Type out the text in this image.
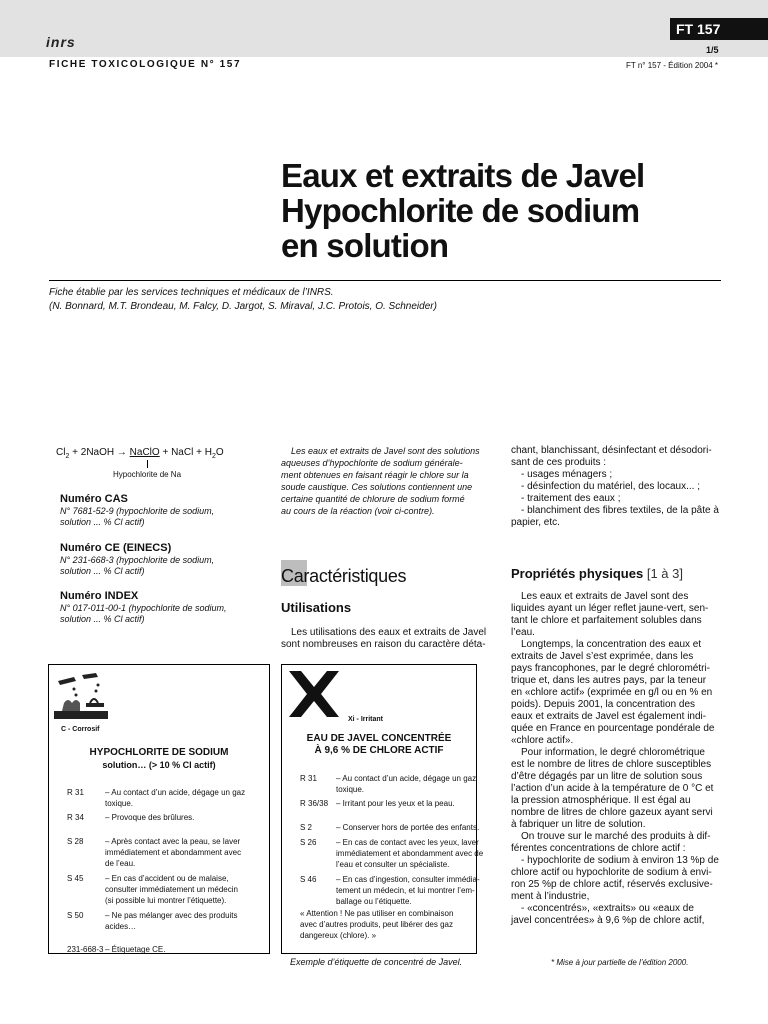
inrs
FT 157
1/5
FICHE TOXICOLOGIQUE N° 157	FT n° 157 - Édition 2004 *
Eaux et extraits de Javel
Hypochlorite de sodium
en solution
Fiche établie par les services techniques et médicaux de l’INRS.
(N. Bonnard, M.T. Brondeau, M. Falcy, D. Jargot, S. Miraval, J.C. Protois, O. Schneider)
$Cl_2$ + 2NaOH → NaClO + NaCl + $H_2O$
Hypochlorite de Na
Numéro CAS
N° 7681-52-9 (hypochlorite de sodium,
solution ... % Cl actif)
Numéro CE (EINECS)
N° 231-668-3 (hypochlorite de sodium,
solution ... % Cl actif)
Numéro INDEX
N° 017-011-00-1 (hypochlorite de sodium,
solution ... % Cl actif)
C - Corrosif
HYPOCHLORITE DE SODIUM
solution… (> 10 % Cl actif)
R 31	– Au contact d’un acide, dégage un gaz
toxique.
R 34	– Provoque des brûlures.
S 28	– Après contact avec la peau, se laver
immédiatement et abondamment avec
de l’eau.
S 45	– En cas d’accident ou de malaise,
consulter immédiatement un médecin
(si possible lui montrer l’étiquette).
S 50	– Ne pas mélanger avec des produits
acides…
231-668-3 – Étiquetage CE.
Xi - Irritant
EAU DE JAVEL CONCENTRÉE
À 9,6 % DE CHLORE ACTIF
R 31 – Au contact d’un acide, dégage un gaz
toxique.
R 36/38 – Irritant pour les yeux et la peau.
S 2	– Conserver hors de portée des enfants.
S 26 – En cas de contact avec les yeux, laver
immédiatement et abondamment avec de
l’eau et consulter un spécialiste.
S 46 – En cas d’ingestion, consulter immédia-
tement un médecin, et lui montrer l’em-
ballage ou l’étiquette.
« Attention ! Ne pas utiliser en combinaison
avec d’autres produits, peut libérer des gaz
dangereux (chlore). »
Exemple d’étiquette de concentré de Javel.
Les eaux et extraits de Javel sont des solutions
aqueuses d’hypochlorite de sodium générale-
ment obtenues en faisant réagir le chlore sur la
soude caustique. Ces solutions contiennent une
certaine quantité de chlorure de sodium formé
au cours de la réaction (voir ci-contre).
Caractéristiques
Utilisations
Les utilisations des eaux et extraits de Javel
sont nombreuses en raison du caractère déta-
chant, blanchissant, désinfectant et désodori-
sant de ces produits :
- usages ménagers ;
- désinfection du matériel, des locaux... ;
- traitement des eaux ;
- blanchiment des fibres textiles, de la pâte à
papier, etc.
Propriétés physiques [1 à 3]
Les eaux et extraits de Javel sont des
liquides ayant un léger reflet jaune-vert, sen-
tant le chlore et parfaitement solubles dans
l’eau.
Longtemps, la concentration des eaux et
extraits de Javel s’est exprimée, dans les
pays francophones, par le degré chlorométri-
trique et, dans les autres pays, par la teneur
en «chlore actif» (exprimée en g/l ou en % en
poids). Depuis 2001, la concentration des
eaux et extraits de Javel est également indi-
quée en France en pourcentage pondérale de
«chlore actif».
Pour information, le degré chlorométrique
est le nombre de litres de chlore susceptibles
d’être dégagés par un litre de solution sous
l’action d’un acide à la température de 0 °C et
la pression atmosphérique. Il est égal au
nombre de litres de chlore gazeux ayant servi
à fabriquer un litre de solution.
On trouve sur le marché des produits à dif-
férentes concentrations de chlore actif :
- hypochlorite de sodium à environ 13 %p de
chlore actif ou hypochlorite de sodium à envi-
ron 25 %p de chlore actif, réservés exclusive-
ment à l’industrie,
- «concentrés», «extraits» ou «eaux de
javel concentrées» à 9,6 %p de chlore actif,
* Mise à jour partielle de l’édition 2000.
